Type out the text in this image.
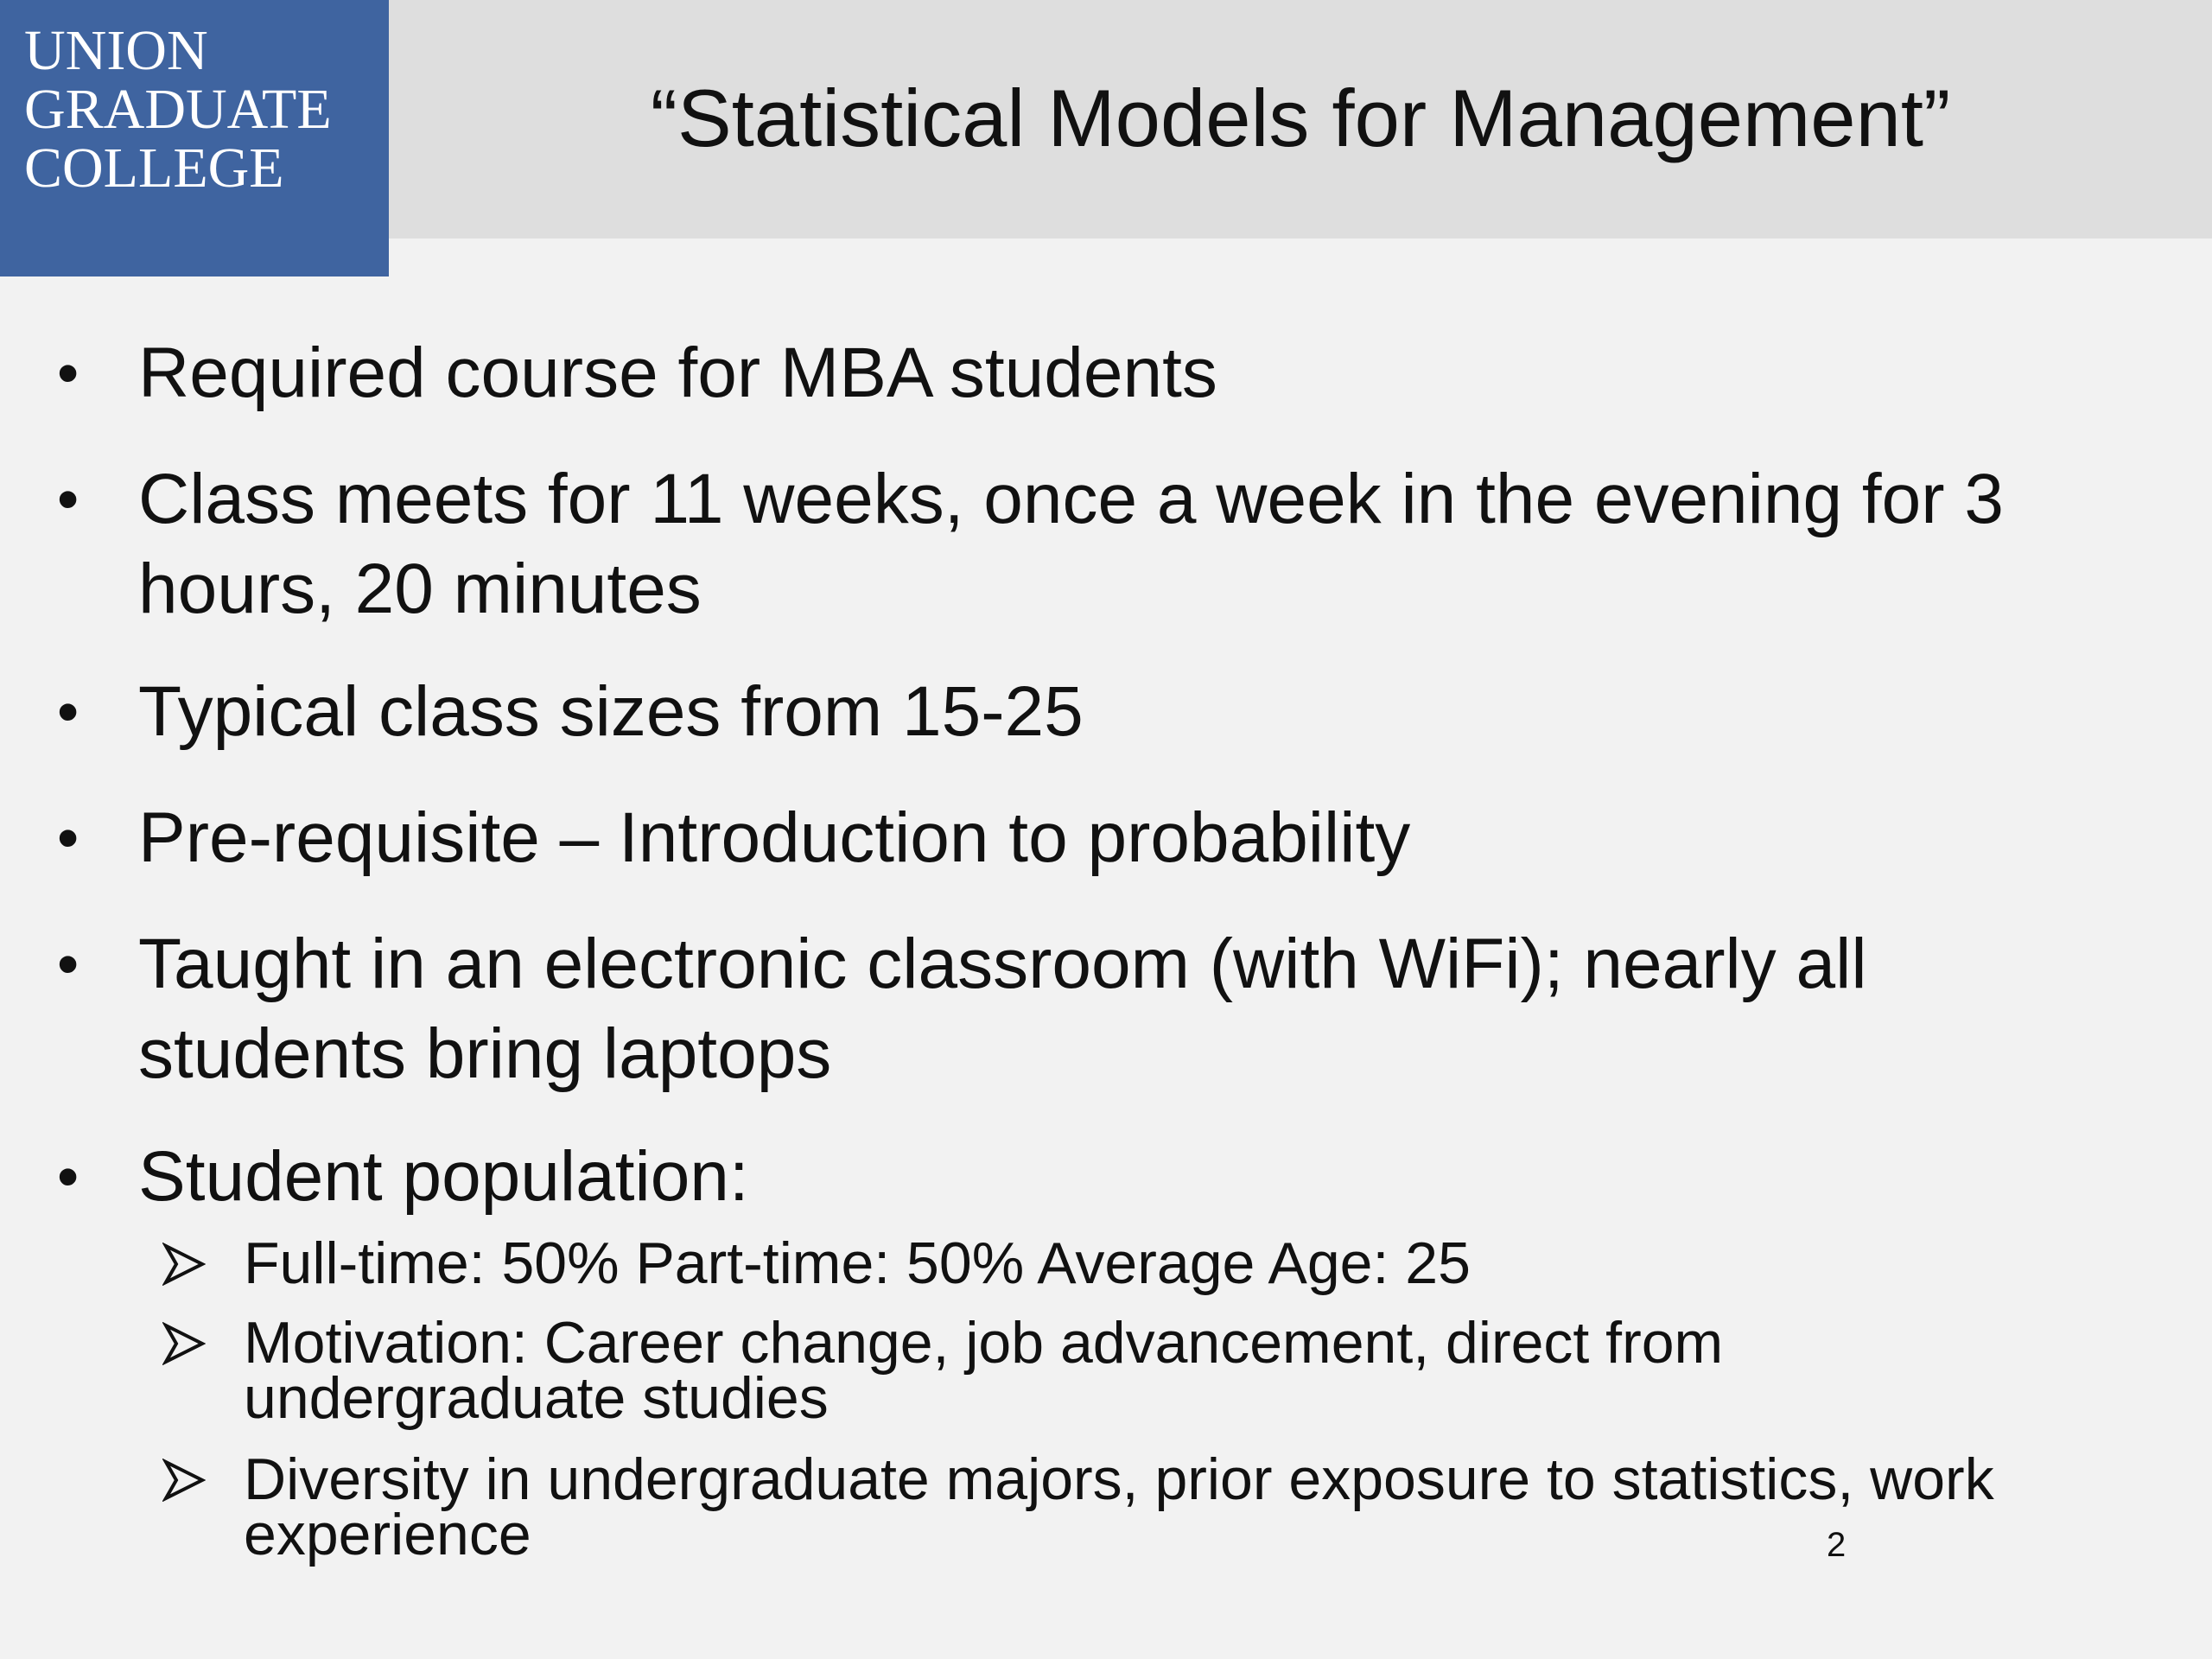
UNION
GRADUATE
COLLEGE
“Statistical Models for Management”
• Required course for MBA students
• Class meets for 11 weeks, once a week in the evening for 3
hours, 20 minutes
• Typical class sizes from 15-25
• Pre-requisite – Introduction to probability
• Taught in an electronic classroom (with WiFi); nearly all
students bring laptops
• Student population:
Full-time: 50% Part-time: 50% Average Age: 25
Motivation: Career change, job advancement, direct from
undergraduate studies
Diversity in undergraduate majors, prior exposure to statistics, work
experience	2
